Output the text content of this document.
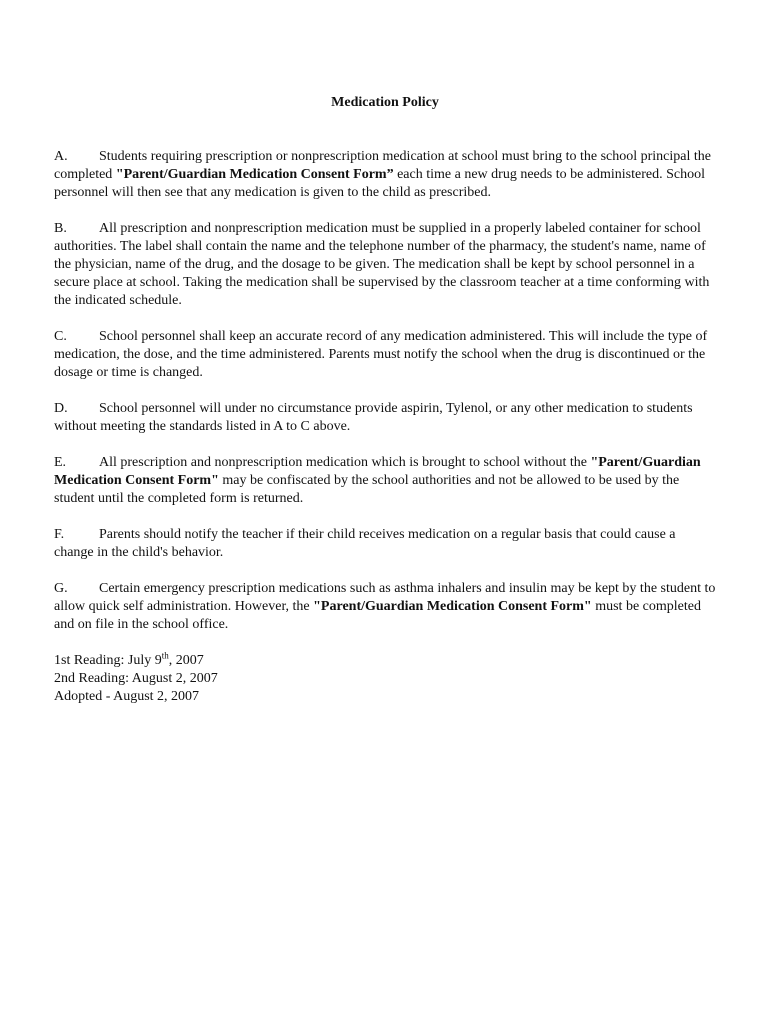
Medication Policy

A. Students requiring prescription or nonprescription medication at school must bring to the school principal the completed "Parent/Guardian Medication Consent Form” each time a new drug needs to be administered. School personnel will then see that any medication is given to the child as prescribed.

B. All prescription and nonprescription medication must be supplied in a properly labeled container for school authorities. The label shall contain the name and the telephone number of the pharmacy, the student's name, name of the physician, name of the drug, and the dosage to be given. The medication shall be kept by school personnel in a secure place at school. Taking the medication shall be supervised by the classroom teacher at a time conforming with the indicated schedule.

C. School personnel shall keep an accurate record of any medication administered. This will include the type of medication, the dose, and the time administered. Parents must notify the school when the drug is discontinued or the dosage or time is changed.

D. School personnel will under no circumstance provide aspirin, Tylenol, or any other medication to students without meeting the standards listed in A to C above.

E. All prescription and nonprescription medication which is brought to school without the "Parent/Guardian Medication Consent Form" may be confiscated by the school authorities and not be allowed to be used by the student until the completed form is returned.

F. Parents should notify the teacher if their child receives medication on a regular basis that could cause a change in the child's behavior.

G. Certain emergency prescription medications such as asthma inhalers and insulin may be kept by the student to allow quick self administration. However, the "Parent/Guardian Medication Consent Form" must be completed and on file in the school office.

1st Reading: July 9th, 2007
2nd Reading: August 2, 2007
Adopted - August 2, 2007
